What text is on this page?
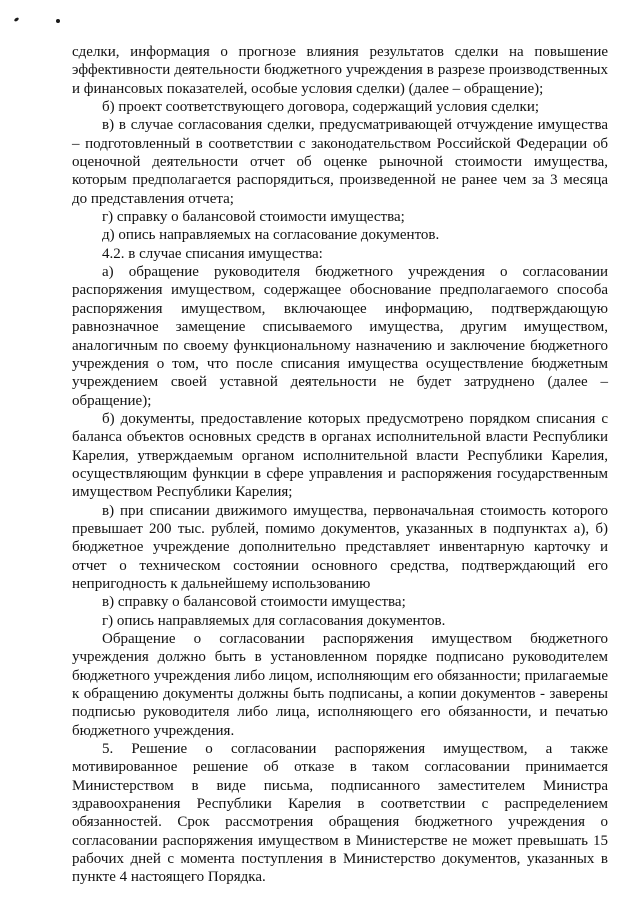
сделки, информация о прогнозе влияния результатов сделки на повышение эффективности деятельности бюджетного учреждения в разрезе производственных и финансовых показателей, особые условия сделки) (далее – обращение);

б) проект соответствующего договора, содержащий условия сделки;

в) в случае согласования сделки, предусматривающей отчуждение имущества – подготовленный в соответствии с законодательством Российской Федерации об оценочной деятельности отчет об оценке рыночной стоимости имущества, которым предполагается распорядиться, произведенной не ранее чем за 3 месяца до представления отчета;

г) справку о балансовой стоимости имущества;

д) опись направляемых на согласование документов.

4.2. в случае списания имущества:

а) обращение руководителя бюджетного учреждения о согласовании распоряжения имуществом, содержащее обоснование предполагаемого способа распоряжения имуществом, включающее информацию, подтверждающую равнозначное замещение списываемого имущества, другим имуществом, аналогичным по своему функциональному назначению и заключение бюджетного учреждения о том, что после списания имущества осуществление бюджетным учреждением своей уставной деятельности не будет затруднено (далее – обращение);

б) документы, предоставление которых предусмотрено порядком списания с баланса объектов основных средств в органах исполнительной власти Республики Карелия, утверждаемым органом исполнительной власти Республики Карелия, осуществляющим функции в сфере управления и распоряжения государственным имуществом Республики Карелия;

в) при списании движимого имущества, первоначальная стоимость которого превышает 200 тыс. рублей, помимо документов, указанных в подпунктах а), б) бюджетное учреждение дополнительно представляет инвентарную карточку и отчет о техническом состоянии основного средства, подтверждающий его непригодность к дальнейшему использованию

в) справку о балансовой стоимости имущества;

г) опись направляемых для согласования документов.

Обращение о согласовании распоряжения имуществом бюджетного учреждения должно быть в установленном порядке подписано руководителем бюджетного учреждения либо лицом, исполняющим его обязанности; прилагаемые к обращению документы должны быть подписаны, а копии документов - заверены подписью руководителя либо лица, исполняющего его обязанности, и печатью бюджетного учреждения.

5. Решение о согласовании распоряжения имуществом, а также мотивированное решение об отказе в таком согласовании принимается Министерством в виде письма, подписанного заместителем Министра здравоохранения Республики Карелия в соответствии с распределением обязанностей. Срок рассмотрения обращения бюджетного учреждения о согласовании распоряжения имуществом в Министерстве не может превышать 15 рабочих дней с момента поступления в Министерство документов, указанных в пункте 4 настоящего Порядка.
